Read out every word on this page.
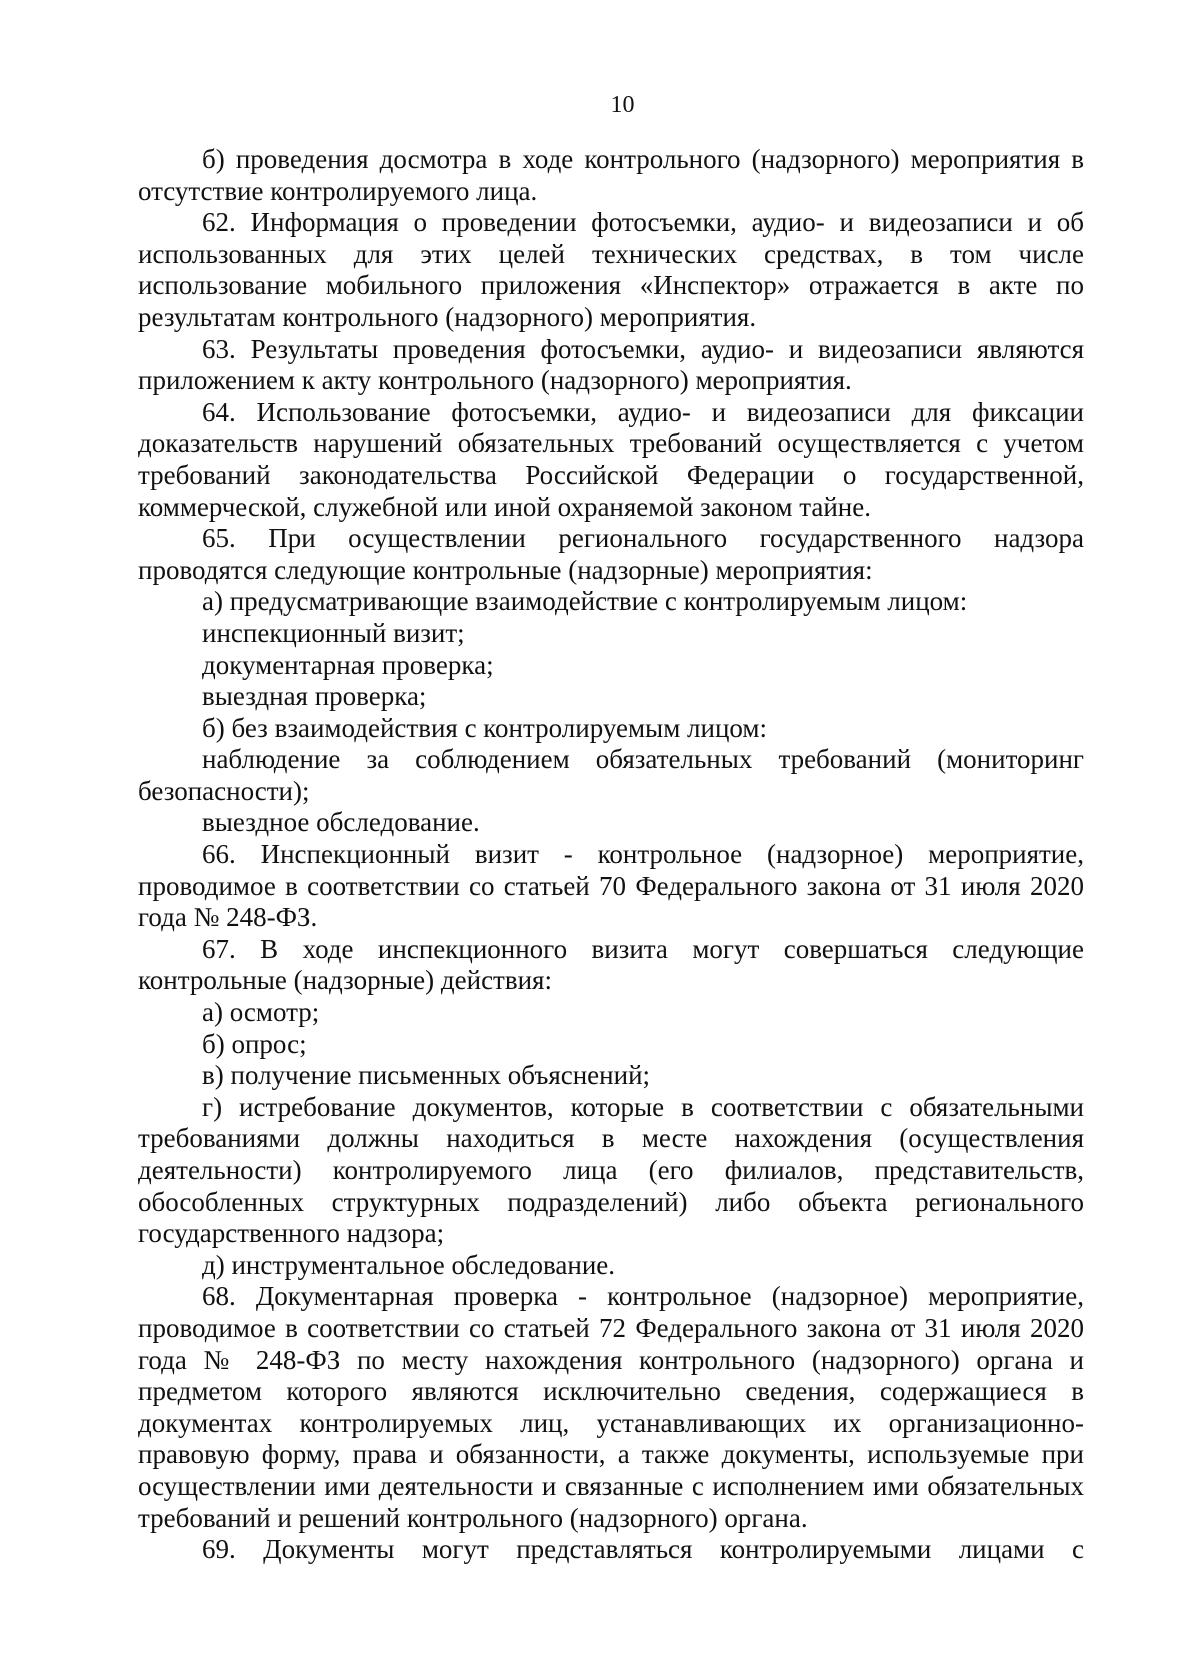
10

б) проведения досмотра в ходе контрольного (надзорного) мероприятия в отсутствие контролируемого лица.

62. Информация о проведении фотосъемки, аудио- и видеозаписи и об использованных для этих целей технических средствах, в том числе использование мобильного приложения «Инспектор» отражается в акте по результатам контрольного (надзорного) мероприятия.

63. Результаты проведения фотосъемки, аудио- и видеозаписи являются приложением к акту контрольного (надзорного) мероприятия.

64. Использование фотосъемки, аудио- и видеозаписи для фиксации доказательств нарушений обязательных требований осуществляется с учетом требований законодательства Российской Федерации о государственной, коммерческой, служебной или иной охраняемой законом тайне.

65. При осуществлении регионального государственного надзора проводятся следующие контрольные (надзорные) мероприятия:

а) предусматривающие взаимодействие с контролируемым лицом:

инспекционный визит;

документарная проверка;

выездная проверка;

б) без взаимодействия с контролируемым лицом:

наблюдение за соблюдением обязательных требований (мониторинг безопасности);

выездное обследование.

66. Инспекционный визит - контрольное (надзорное) мероприятие, проводимое в соответствии со статьей 70 Федерального закона от 31 июля 2020 года № 248-ФЗ.

67. В ходе инспекционного визита могут совершаться следующие контрольные (надзорные) действия:

а) осмотр;

б) опрос;

в) получение письменных объяснений;

г) истребование документов, которые в соответствии с обязательными требованиями должны находиться в месте нахождения (осуществления деятельности) контролируемого лица (его филиалов, представительств, обособленных структурных подразделений) либо объекта регионального государственного надзора;

д) инструментальное обследование.

68. Документарная проверка - контрольное (надзорное) мероприятие, проводимое в соответствии со статьей 72 Федерального закона от 31 июля 2020 года № 248-ФЗ по месту нахождения контрольного (надзорного) органа и предметом которого являются исключительно сведения, содержащиеся в документах контролируемых лиц, устанавливающих их организационно-правовую форму, права и обязанности, а также документы, используемые при осуществлении ими деятельности и связанные с исполнением ими обязательных требований и решений контрольного (надзорного) органа.

69. Документы могут представляться контролируемыми лицами с
